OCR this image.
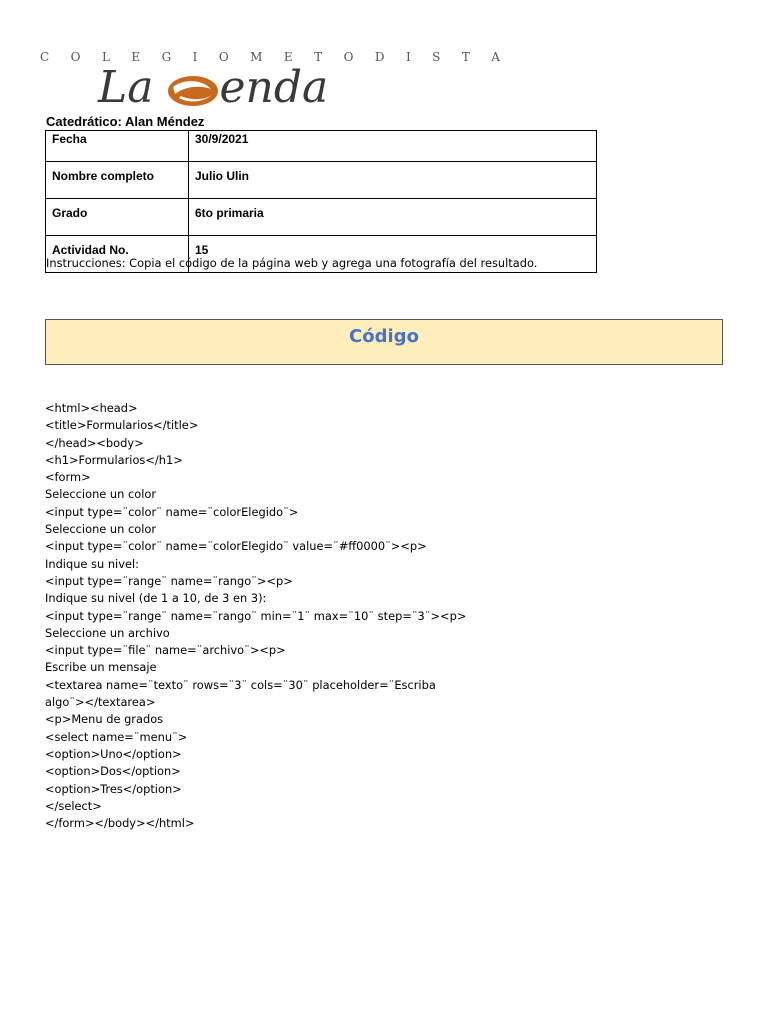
C O L E G I O M E T O D I S T A
La enda
Catedrático: Alan Méndez
Fecha	30/9/2021
Nombre completo	Julio Ulin
Grado	6to primaria
Actividad No.	15
Instrucciones: Copia el código de la página web y agrega una fotografía del resultado.
Código
<html><head>
<title>Formularios</title>
</head><body>
<h1>Formularios</h1>
<form>
Seleccione un color
<input type=¨color¨ name=¨colorElegido¨>
Seleccione un color
<input type=¨color¨ name=¨colorElegido¨ value=¨#ff0000¨><p>
Indique su nivel:
<input type=¨range¨ name=¨rango¨><p>
Indique su nivel (de 1 a 10, de 3 en 3):
<input type=¨range¨ name=¨rango¨ min=¨1¨ max=¨10¨ step=¨3¨><p>
Seleccione un archivo
<input type=¨file¨ name=¨archivo¨><p>
Escribe un mensaje
<textarea name=¨texto¨ rows=¨3¨ cols=¨30¨ placeholder=¨Escriba
algo¨></textarea>
<p>Menu de grados
<select name=¨menu¨>
<option>Uno</option>
<option>Dos</option>
<option>Tres</option>
</select>
</form></body></html>
